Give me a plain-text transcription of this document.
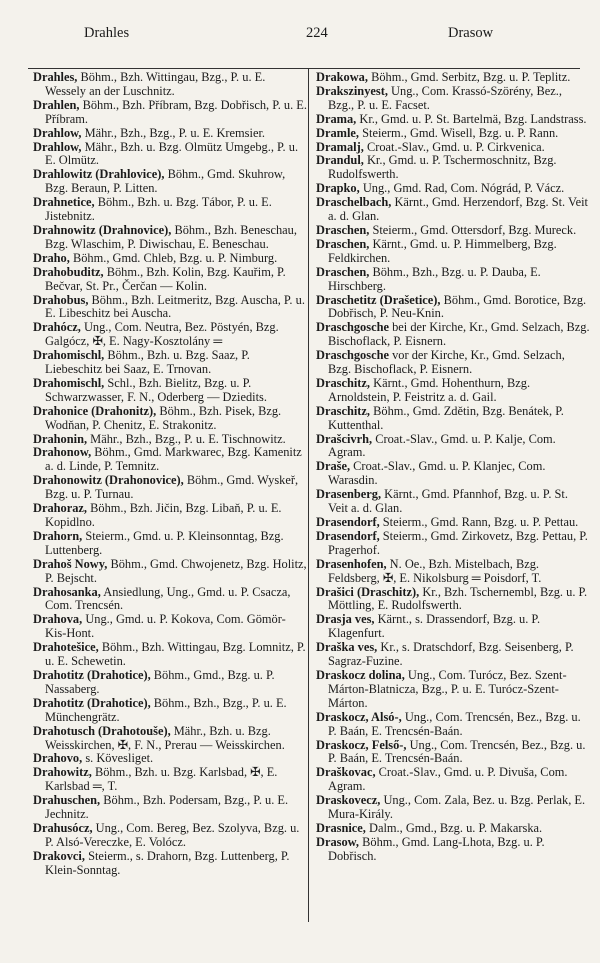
Drahles	224	Drasow

Drahles, Böhm., Bzh. Wittingau, Bzg., P. u. E. Wessely an der Luschnitz.

Drahlen, Böhm., Bzh. Příbram, Bzg. Dobřisch, P. u. E. Příbram.

Drahlow, Mähr., Bzh., Bzg., P. u. E. Kremsier.

Drahlow, Mähr., Bzh. u. Bzg. Olmütz Umgebg., P. u. E. Olmütz.

Drahlowitz (Drahlovice), Böhm., Gmd. Skuhrow, Bzg. Beraun, P. Litten.

Drahnetice, Böhm., Bzh. u. Bzg. Tábor, P. u. E. Jistebnitz.

Drahnowitz (Drahnovice), Böhm., Bzh. Beneschau, Bzg. Wlaschim, P. Diwischau, E. Beneschau.

Draho, Böhm., Gmd. Chleb, Bzg. u. P. Nimburg.

Drahobuditz, Böhm., Bzh. Kolin, Bzg. Kauřim, P. Bečvar, St. Pr., Čerčan — Kolin.

Drahobus, Böhm., Bzh. Leitmeritz, Bzg. Auscha, P. u. E. Libeschitz bei Auscha.

Drahócz, Ung., Com. Neutra, Bez. Pöstyén, Bzg. Galgócz, ✠, E. Nagy-Kosztolány ═

Drahomischl, Böhm., Bzh. u. Bzg. Saaz, P. Liebeschitz bei Saaz, E. Trnovan.

Drahomischl, Schl., Bzh. Bielitz, Bzg. u. P. Schwarzwasser, F. N., Oderberg — Dziedits.

Drahonice (Drahonitz), Böhm., Bzh. Pisek, Bzg. Wodňan, P. Chenitz, E. Strakonitz.

Drahonin, Mähr., Bzh., Bzg., P. u. E. Tischnowitz.

Drahonow, Böhm., Gmd. Markwarec, Bzg. Kamenitz a. d. Linde, P. Temnitz.

Drahonowitz (Drahonovice), Böhm., Gmd. Wyskeř, Bzg. u. P. Turnau.

Drahoraz, Böhm., Bzh. Jičin, Bzg. Libaň, P. u. E. Kopidlno.

Drahorn, Steierm., Gmd. u. P. Kleinsonntag, Bzg. Luttenberg.

Drahoš Nowy, Böhm., Gmd. Chwojenetz, Bzg. Holitz, P. Bejscht.

Drahosanka, Ansiedlung, Ung., Gmd. u. P. Csacza, Com. Trencsén.

Drahova, Ung., Gmd. u. P. Kokova, Com. Gömör-Kis-Hont.

Drahotešice, Böhm., Bzh. Wittingau, Bzg. Lomnitz, P. u. E. Schewetin.

Drahotitz (Drahotice), Böhm., Gmd., Bzg. u. P. Nassaberg.

Drahotitz (Drahotice), Böhm., Bzh., Bzg., P. u. E. Münchengrätz.

Drahotusch (Drahotouše), Mähr., Bzh. u. Bzg. Weisskirchen, ✠, F. N., Prerau — Weisskirchen.

Drahovo, s. Kövesliget.

Drahowitz, Böhm., Bzh. u. Bzg. Karlsbad, ✠, E. Karlsbad ═, T.

Drahuschen, Böhm., Bzh. Podersam, Bzg., P. u. E. Jechnitz.

Drahusócz, Ung., Com. Bereg, Bez. Szolyva, Bzg. u. P. Alsó-Vereczke, E. Volócz.

Drakovci, Steierm., s. Drahorn, Bzg. Luttenberg, P. Klein-Sonntag.

Drakowa, Böhm., Gmd. Serbitz, Bzg. u. P. Teplitz.

Drakszinyest, Ung., Com. Krassó-Szörény, Bez., Bzg., P. u. E. Facset.

Drama, Kr., Gmd. u. P. St. Bartelmä, Bzg. Landstrass.

Dramle, Steierm., Gmd. Wisell, Bzg. u. P. Rann.

Dramalj, Croat.-Slav., Gmd. u. P. Cirkvenica.

Drandul, Kr., Gmd. u. P. Tschermoschnitz, Bzg. Rudolfswerth.

Drapko, Ung., Gmd. Rad, Com. Nógrád, P. Vácz.

Draschelbach, Kärnt., Gmd. Herzendorf, Bzg. St. Veit a. d. Glan.

Draschen, Steierm., Gmd. Ottersdorf, Bzg. Mureck.

Draschen, Kärnt., Gmd. u. P. Himmelberg, Bzg. Feldkirchen.

Draschen, Böhm., Bzh., Bzg. u. P. Dauba, E. Hirschberg.

Draschetitz (Drašetice), Böhm., Gmd. Borotice, Bzg. Dobřisch, P. Neu-Knin.

Draschgosche bei der Kirche, Kr., Gmd. Selzach, Bzg. Bischoflack, P. Eisnern.

Draschgosche vor der Kirche, Kr., Gmd. Selzach, Bzg. Bischoflack, P. Eisnern.

Draschitz, Kärnt., Gmd. Hohenthurn, Bzg. Arnoldstein, P. Feistritz a. d. Gail.

Draschitz, Böhm., Gmd. Zdětin, Bzg. Benátek, P. Kuttenthal.

Drašcivrh, Croat.-Slav., Gmd. u. P. Kalje, Com. Agram.

Draše, Croat.-Slav., Gmd. u. P. Klanjec, Com. Warasdin.

Drasenberg, Kärnt., Gmd. Pfannhof, Bzg. u. P. St. Veit a. d. Glan.

Drasendorf, Steierm., Gmd. Rann, Bzg. u. P. Pettau.

Drasendorf, Steierm., Gmd. Zirkovetz, Bzg. Pettau, P. Pragerhof.

Drasenhofen, N. Oe., Bzh. Mistelbach, Bzg. Feldsberg, ✠, E. Nikolsburg ═ Poisdorf, T.

Drašici (Draschitz), Kr., Bzh. Tschernembl, Bzg. u. P. Möttling, E. Rudolfswerth.

Drasja ves, Kärnt., s. Drassendorf, Bzg. u. P. Klagenfurt.

Draška ves, Kr., s. Dratschdorf, Bzg. Seisenberg, P. Sagraz-Fuzine.

Draskocz dolina, Ung., Com. Turócz, Bez. Szent-Márton-Blatnicza, Bzg., P. u. E. Turócz-Szent-Márton.

Draskocz, Alsó-, Ung., Com. Trencsén, Bez., Bzg. u. P. Baán, E. Trencsén-Baán.

Draskocz, Felső-, Ung., Com. Trencsén, Bez., Bzg. u. P. Baán, E. Trencsén-Baán.

Draškovac, Croat.-Slav., Gmd. u. P. Divuša, Com. Agram.

Draskovecz, Ung., Com. Zala, Bez. u. Bzg. Perlak, E. Mura-Király.

Drasnice, Dalm., Gmd., Bzg. u. P. Makarska.

Drasow, Böhm., Gmd. Lang-Lhota, Bzg. u. P. Dobřisch.
